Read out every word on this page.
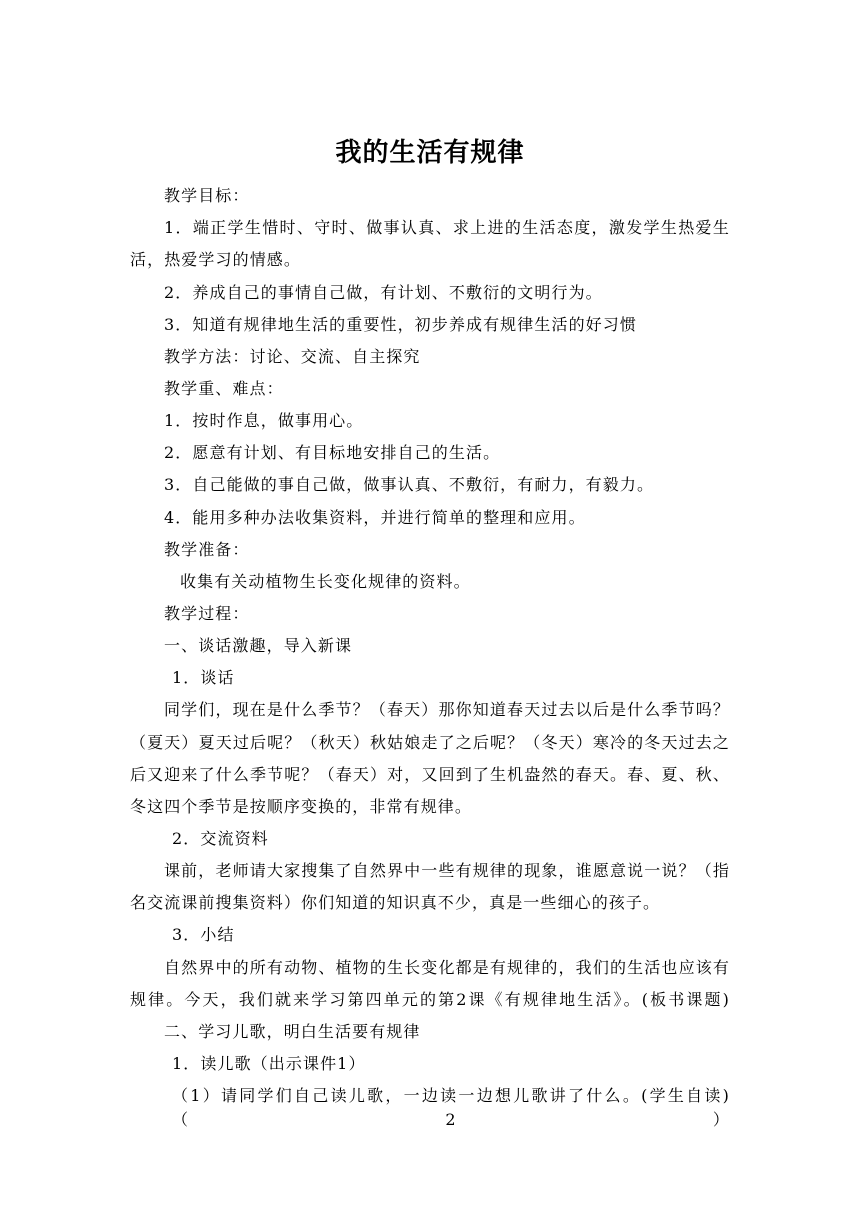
我的生活有规律
教学目标：
1．端正学生惜时、守时、做事认真、求上进的生活态度，激发学生热爱生
活，热爱学习的情感。
2．养成自己的事情自己做，有计划、不敷衍的文明行为。
3．知道有规律地生活的重要性，初步养成有规律生活的好习惯
教学方法：讨论、交流、自主探究
教学重、难点：
1．按时作息，做事用心。
2．愿意有计划、有目标地安排自己的生活。
3．自己能做的事自己做，做事认真、不敷衍，有耐力，有毅力。
4．能用多种办法收集资料，并进行简单的整理和应用。
教学准备：
收集有关动植物生长变化规律的资料。
教学过程：
一、谈话激趣，导入新课
1．谈话
同学们，现在是什么季节？（春天）那你知道春天过去以后是什么季节吗？
（夏天）夏天过后呢？（秋天）秋姑娘走了之后呢？（冬天）寒冷的冬天过去之
后又迎来了什么季节呢？（春天）对，又回到了生机盎然的春天。春、夏、秋、
冬这四个季节是按顺序变换的，非常有规律。
2．交流资料
课前，老师请大家搜集了自然界中一些有规律的现象，谁愿意说一说？（指
名交流课前搜集资料）你们知道的知识真不少，真是一些细心的孩子。
3．小结
自然界中的所有动物、植物的生长变化都是有规律的，我们的生活也应该有
规律。今天，我们就来学习第四单元的第2课《有规律地生活》。(板书课题)
二、学习儿歌，明白生活要有规律
1．读儿歌（出示课件1）
（1）请同学们自己读儿歌，一边读一边想儿歌讲了什么。(学生自读)（2）
